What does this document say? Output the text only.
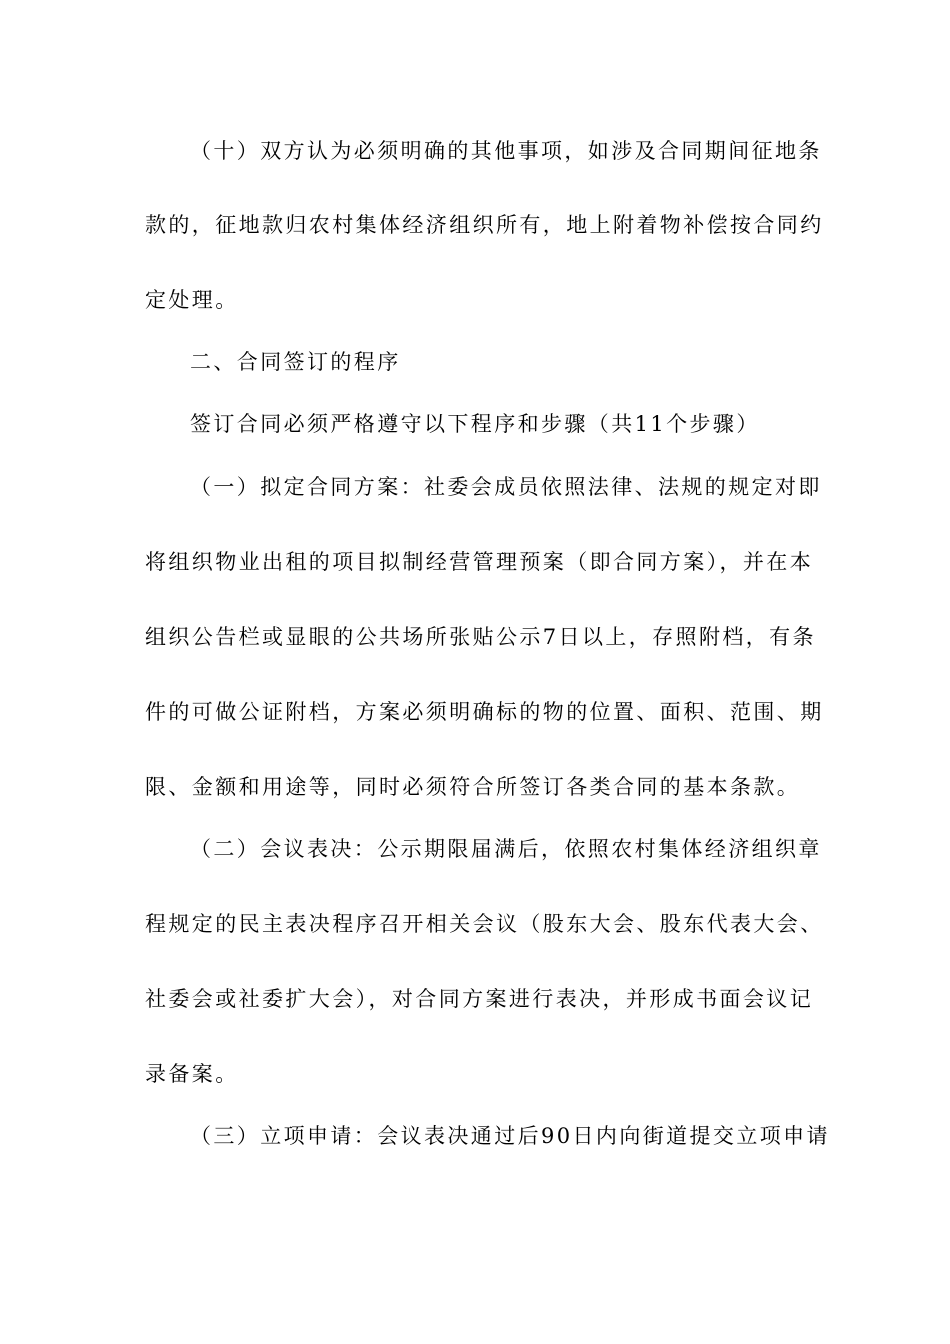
（十）双方认为必须明确的其他事项，如涉及合同期间征地条
款的，征地款归农村集体经济组织所有，地上附着物补偿按合同约
定处理。
二、合同签订的程序
签订合同必须严格遵守以下程序和步骤（共11个步骤）
（一）拟定合同方案：社委会成员依照法律、法规的规定对即
将组织物业出租的项目拟制经营管理预案（即合同方案），并在本
组织公告栏或显眼的公共场所张贴公示7日以上，存照附档，有条
件的可做公证附档，方案必须明确标的物的位置、面积、范围、期
限、金额和用途等，同时必须符合所签订各类合同的基本条款。
（二）会议表决：公示期限届满后，依照农村集体经济组织章
程规定的民主表决程序召开相关会议（股东大会、股东代表大会、
社委会或社委扩大会），对合同方案进行表决，并形成书面会议记
录备案。
（三）立项申请：会议表决通过后90日内向街道提交立项申请
